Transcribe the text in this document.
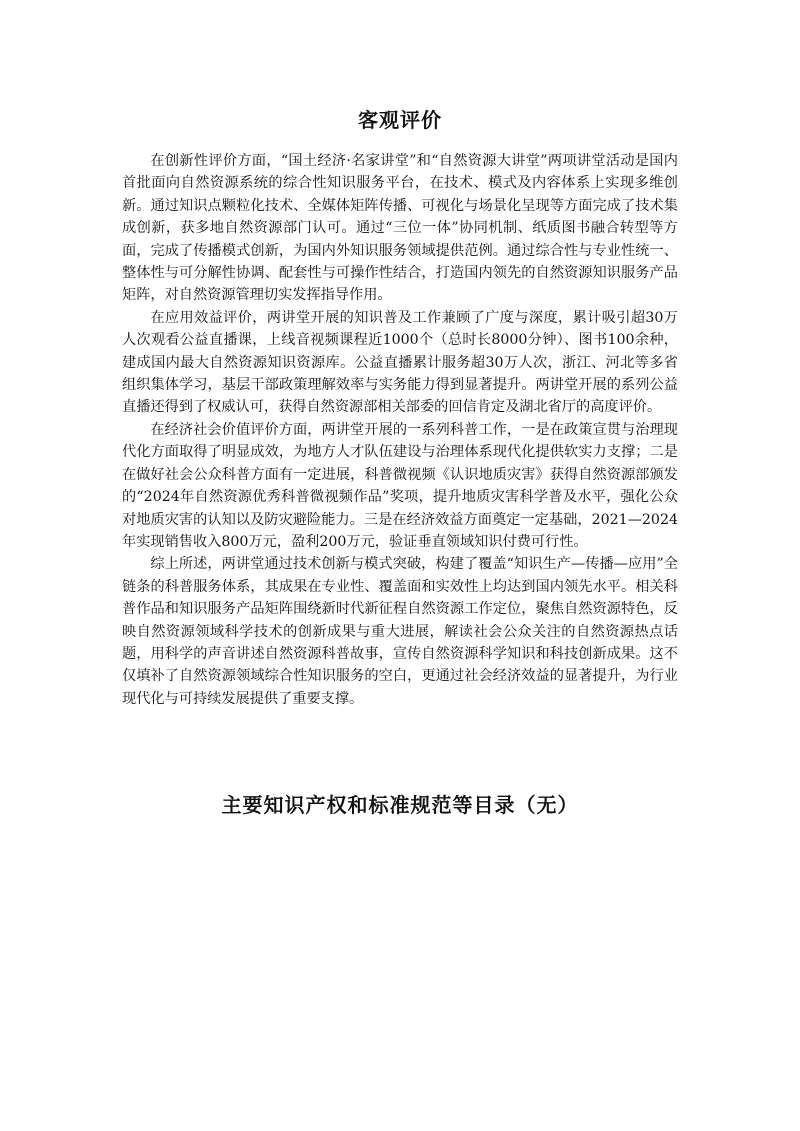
客观评价

在创新性评价方面，“国土经济·名家讲堂”和“自然资源大讲堂”两项讲堂活动是国内首批面向自然资源系统的综合性知识服务平台，在技术、模式及内容体系上实现多维创新。通过知识点颗粒化技术、全媒体矩阵传播、可视化与场景化呈现等方面完成了技术集成创新，获多地自然资源部门认可。通过“三位一体”协同机制、纸质图书融合转型等方面，完成了传播模式创新，为国内外知识服务领域提供范例。通过综合性与专业性统一、整体性与可分解性协调、配套性与可操作性结合，打造国内领先的自然资源知识服务产品矩阵，对自然资源管理切实发挥指导作用。

在应用效益评价，两讲堂开展的知识普及工作兼顾了广度与深度，累计吸引超30万人次观看公益直播课，上线音视频课程近1000个（总时长8000分钟）、图书100余种，建成国内最大自然资源知识资源库。公益直播累计服务超30万人次，浙江、河北等多省组织集体学习，基层干部政策理解效率与实务能力得到显著提升。两讲堂开展的系列公益直播还得到了权威认可，获得自然资源部相关部委的回信肯定及湖北省厅的高度评价。

在经济社会价值评价方面，两讲堂开展的一系列科普工作，一是在政策宣贯与治理现代化方面取得了明显成效，为地方人才队伍建设与治理体系现代化提供软实力支撑；二是在做好社会公众科普方面有一定进展，科普微视频《认识地质灾害》获得自然资源部颁发的“2024年自然资源优秀科普微视频作品”奖项，提升地质灾害科学普及水平，强化公众对地质灾害的认知以及防灾避险能力。三是在经济效益方面奠定一定基础，2021—2024年实现销售收入800万元，盈利200万元，验证垂直领域知识付费可行性。

综上所述，两讲堂通过技术创新与模式突破，构建了覆盖“知识生产—传播—应用”全链条的科普服务体系，其成果在专业性、覆盖面和实效性上均达到国内领先水平。相关科普作品和知识服务产品矩阵围绕新时代新征程自然资源工作定位，聚焦自然资源特色，反映自然资源领域科学技术的创新成果与重大进展，解读社会公众关注的自然资源热点话题，用科学的声音讲述自然资源科普故事，宣传自然资源科学知识和科技创新成果。这不仅填补了自然资源领域综合性知识服务的空白，更通过社会经济效益的显著提升，为行业现代化与可持续发展提供了重要支撑。

主要知识产权和标准规范等目录（无）
